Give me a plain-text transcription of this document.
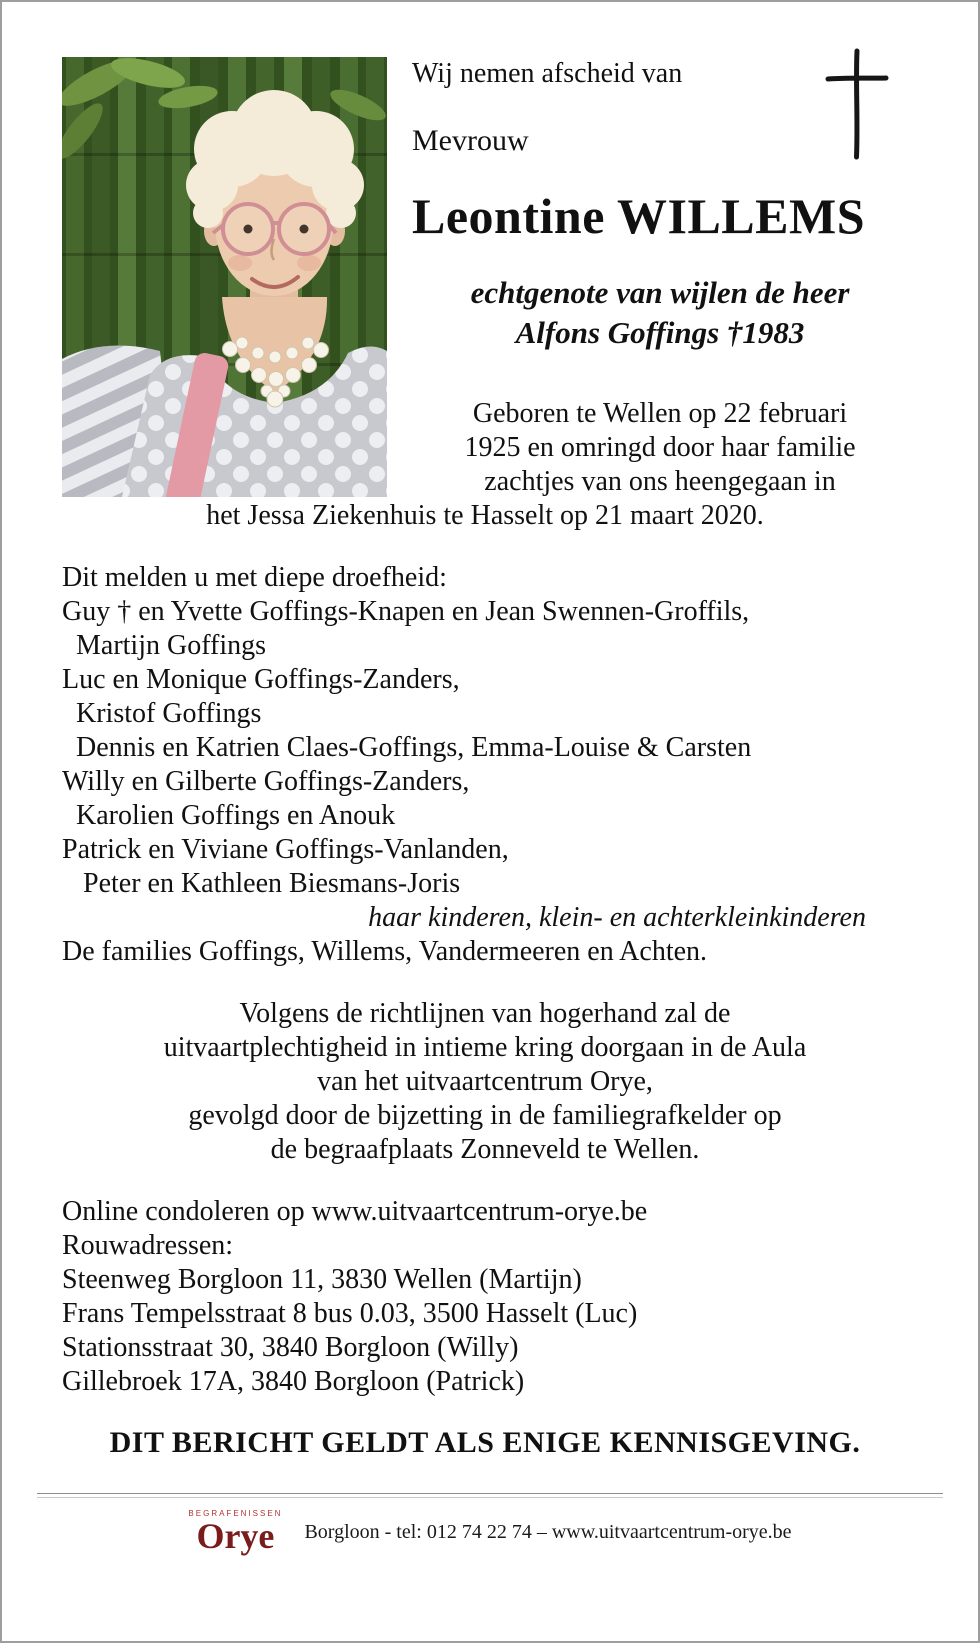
Wij nemen afscheid van
Mevrouw
Leontine WILLEMS
echtgenote van wijlen de heer
Alfons Goffings †1983
Geboren te Wellen op 22 februari
1925 en omringd door haar familie
zachtjes van ons heengegaan in
het Jessa Ziekenhuis te Hasselt op 21 maart 2020.
Dit melden u met diepe droefheid:
Guy † en Yvette Goffings-Knapen en Jean Swennen-Groffils,
Martijn Goffings
Luc en Monique Goffings-Zanders,
Kristof Goffings
Dennis en Katrien Claes-Goffings, Emma-Louise & Carsten
Willy en Gilberte Goffings-Zanders,
Karolien Goffings en Anouk
Patrick en Viviane Goffings-Vanlanden,
Peter en Kathleen Biesmans-Joris
haar kinderen, klein- en achterkleinkinderen
De families Goffings, Willems, Vandermeeren en Achten.
Volgens de richtlijnen van hogerhand zal de
uitvaartplechtigheid in intieme kring doorgaan in de Aula
van het uitvaartcentrum Orye,
gevolgd door de bijzetting in de familiegrafkelder op
de begraafplaats Zonneveld te Wellen.
Online condoleren op www.uitvaartcentrum-orye.be
Rouwadressen:
Steenweg Borgloon 11, 3830 Wellen (Martijn)
Frans Tempelsstraat 8 bus 0.03, 3500 Hasselt (Luc)
Stationsstraat 30, 3840 Borgloon (Willy)
Gillebroek 17A, 3840 Borgloon (Patrick)
DIT BERICHT GELDT ALS ENIGE KENNISGEVING.
BEGRAFENISSEN
Orye	Borgloon - tel: 012 74 22 74 – www.uitvaartcentrum-orye.be
